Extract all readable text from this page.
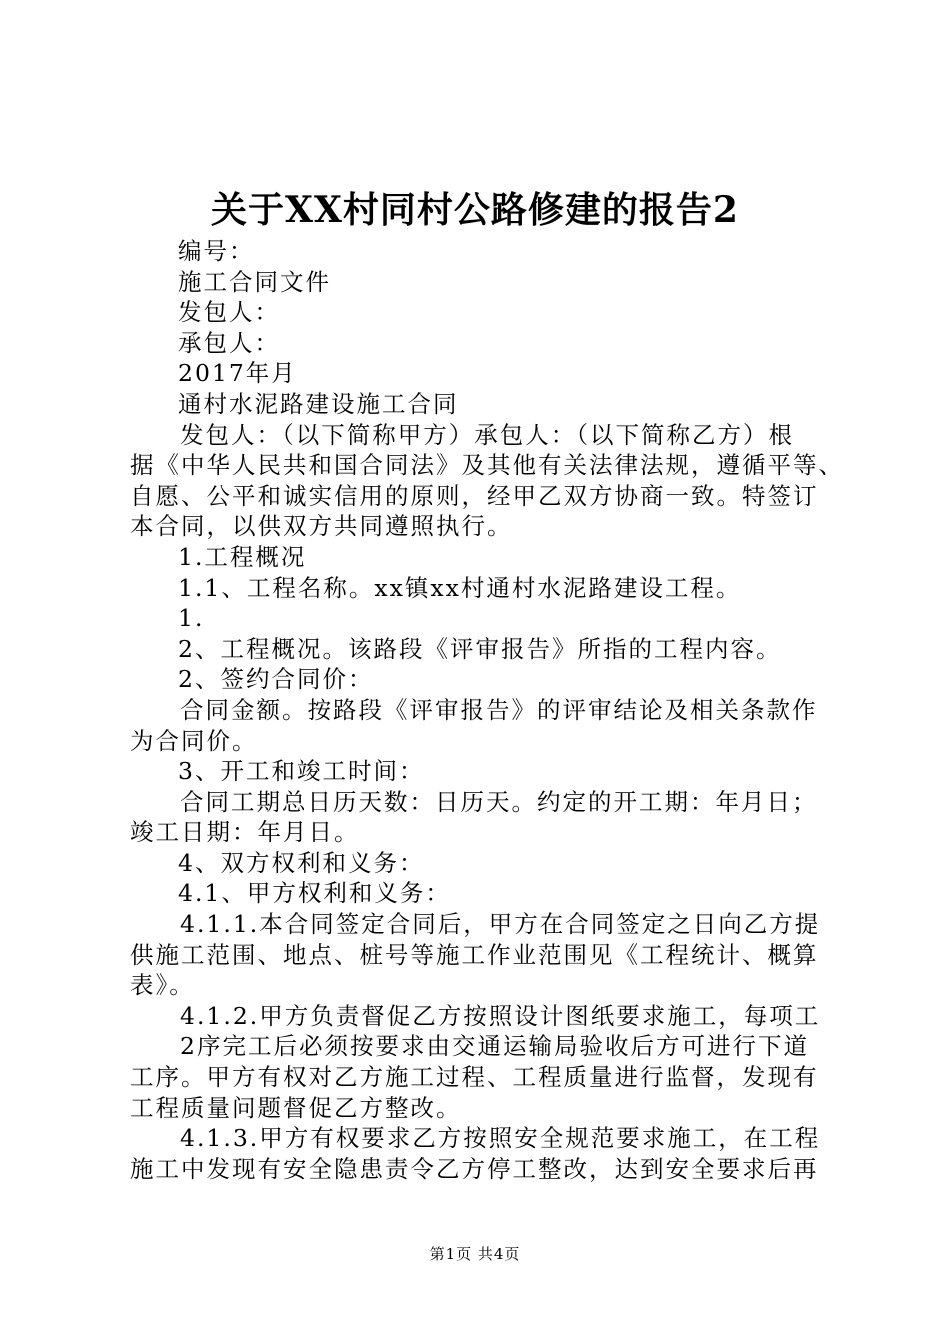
关于XX村同村公路修建的报告2
编号：
施工合同文件
发包人：
承包人：
2017年月
通村水泥路建设施工合同
发包人：（以下简称甲方）承包人：（以下简称乙方）根
据《中华人民共和国合同法》及其他有关法律法规，遵循平等、
自愿、公平和诚实信用的原则，经甲乙双方协商一致。特签订
本合同，以供双方共同遵照执行。
1.工程概况
1.1、工程名称。xx镇xx村通村水泥路建设工程。
1.
2、工程概况。该路段《评审报告》所指的工程内容。
2、签约合同价：
合同金额。按路段《评审报告》的评审结论及相关条款作
为合同价。
3、开工和竣工时间：
合同工期总日历天数：日历天。约定的开工期：年月日；
竣工日期：年月日。
4、双方权利和义务：
4.1、甲方权利和义务：
4.1.1.本合同签定合同后，甲方在合同签定之日向乙方提
供施工范围、地点、桩号等施工作业范围见《工程统计、概算
表》。
4.1.2.甲方负责督促乙方按照设计图纸要求施工，每项工
2序完工后必须按要求由交通运输局验收后方可进行下道
工序。甲方有权对乙方施工过程、工程质量进行监督，发现有
工程质量问题督促乙方整改。
4.1.3.甲方有权要求乙方按照安全规范要求施工，在工程
施工中发现有安全隐患责令乙方停工整改，达到安全要求后再
第1页 共4页
